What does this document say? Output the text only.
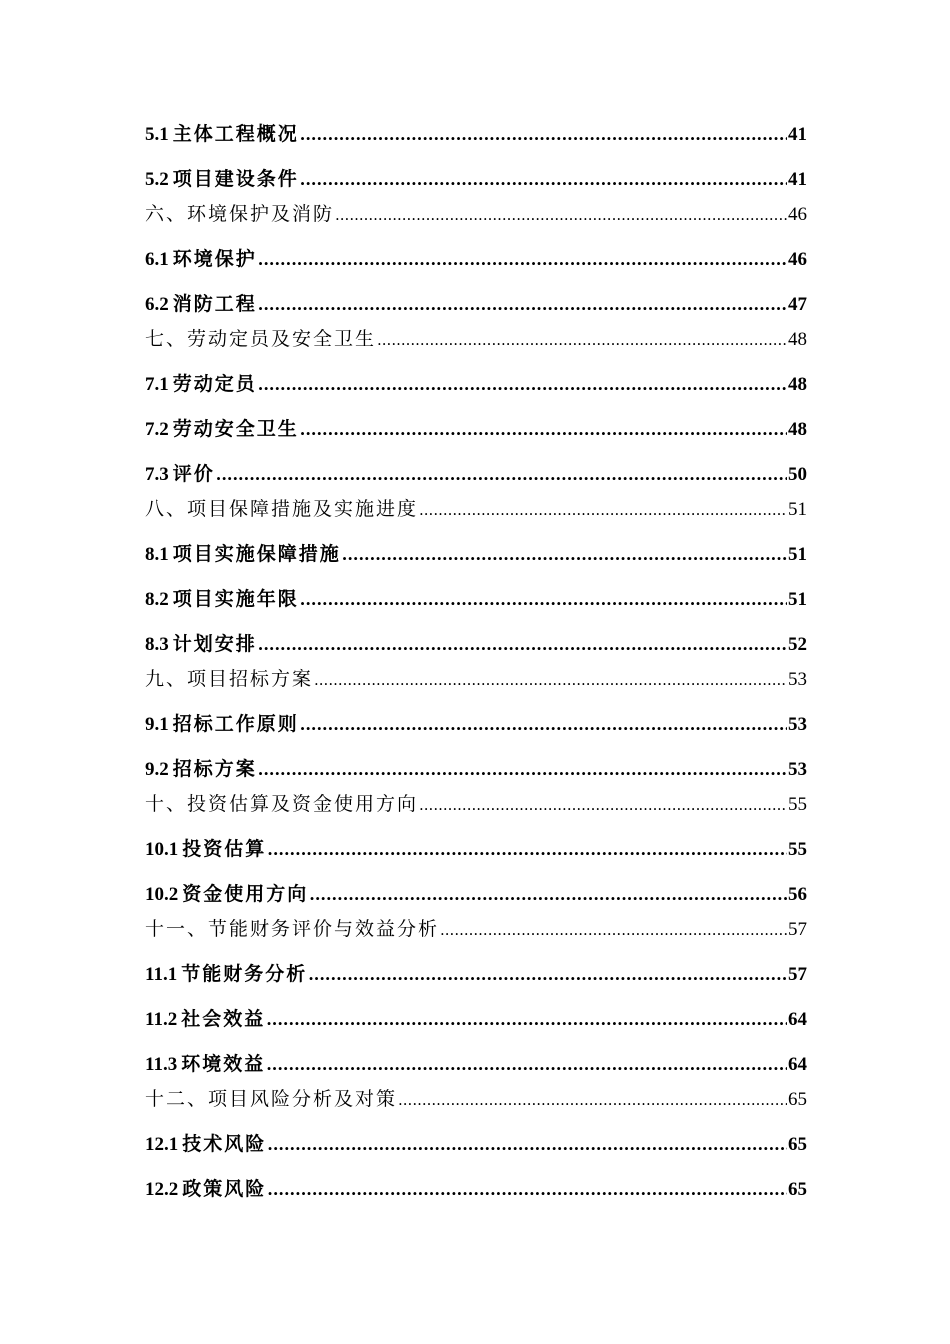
5.1 主体工程概况 .....	41
5.2 项目建设条件 .....	41
六、环境保护及消防 .....	46
6.1 环境保护 .....	46
6.2 消防工程 .....	47
七、劳动定员及安全卫生 .....	48
7.1 劳动定员 .....	48
7.2 劳动安全卫生 .....	48
7.3 评价 .....	50
八、项目保障措施及实施进度 .....	51
8.1 项目实施保障措施 .....	51
8.2 项目实施年限 .....	51
8.3 计划安排 .....	52
九、项目招标方案 .....	53
9.1 招标工作原则 .....	53
9.2 招标方案 .....	53
十、投资估算及资金使用方向 .....	55
10.1 投资估算 .....	55
10.2 资金使用方向 .....	56
十一、节能财务评价与效益分析 .....	57
11.1 节能财务分析 .....	57
11.2 社会效益 .....	64
11.3 环境效益 .....	64
十二、项目风险分析及对策 .....	65
12.1 技术风险 .....	65
12.2 政策风险 .....	65
